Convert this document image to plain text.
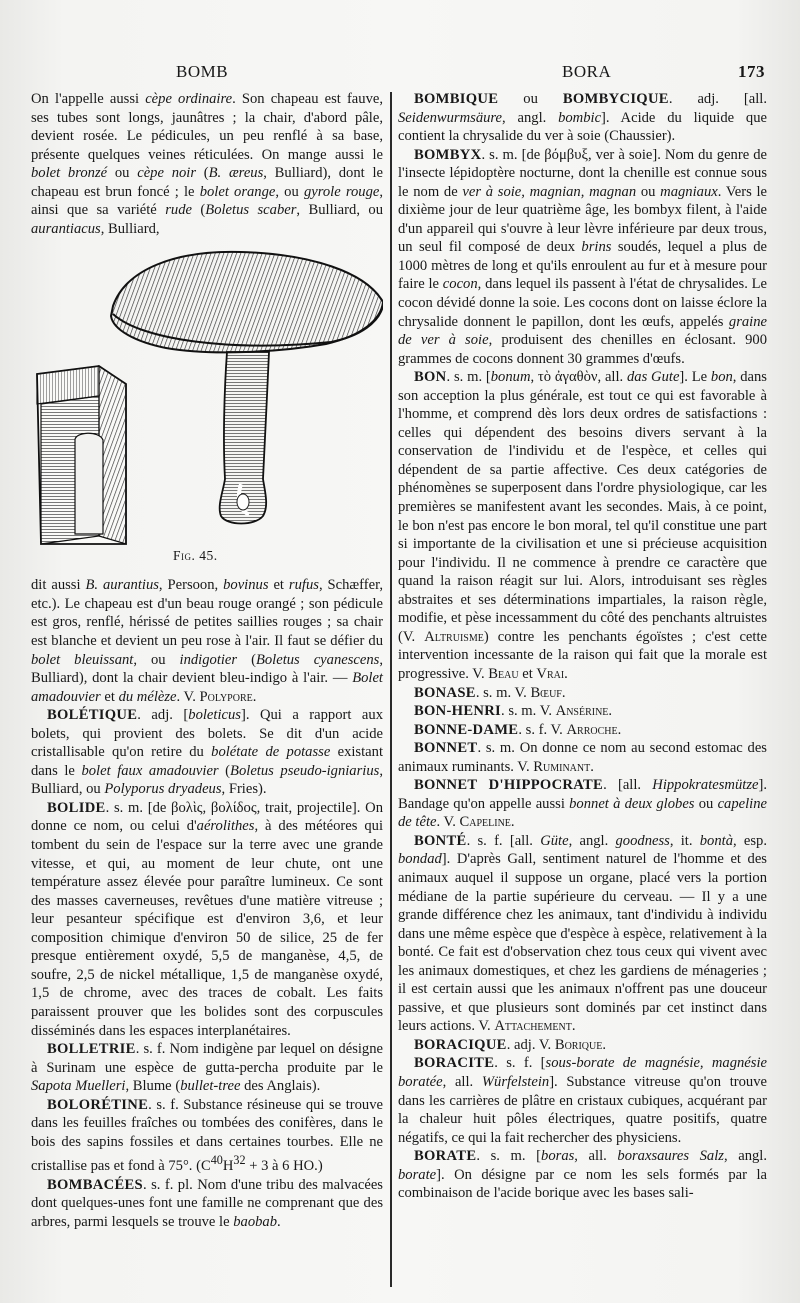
BOMB	BORA	173

On l'appelle aussi cèpe ordinaire. Son chapeau est fauve, ses tubes sont longs, jaunâtres ; la chair, d'abord pâle, devient rosée. Le pédicules, un peu renflé à sa base, présente quelques veines réticulées. On mange aussi le bolet bronzé ou cèpe noir (B. æreus, Bulliard), dont le chapeau est brun foncé ; le bolet orange, ou gyrole rouge, ainsi que sa variété rude (Boletus scaber, Bulliard, ou aurantiacus, Bulliard,

Fig. 45.

dit aussi B. aurantius, Persoon, bovinus et rufus, Schæffer, etc.). Le chapeau est d'un beau rouge orangé ; son pédicule est gros, renflé, hérissé de petites saillies rouges ; sa chair est blanche et devient un peu rose à l'air. Il faut se défier du bolet bleuissant, ou indigotier (Boletus cyanescens, Bulliard), dont la chair devient bleu-indigo à l'air. — Bolet amadouvier et du mélèze. V. Polypore.

BOLÉTIQUE. adj. [boleticus]. Qui a rapport aux bolets, qui provient des bolets. Se dit d'un acide cristallisable qu'on retire du bolétate de potasse existant dans le bolet faux amadouvier (Boletus pseudo-igniarius, Bulliard, ou Polyporus dryadeus, Fries).

BOLIDE. s. m. [de βολὶς, βολίδος, trait, projectile]. On donne ce nom, ou celui d'aérolithes, à des météores qui tombent du sein de l'espace sur la terre avec une grande vitesse, et qui, au moment de leur chute, ont une température assez élevée pour paraître lumineux. Ce sont des masses caverneuses, revêtues d'une matière vitreuse ; leur pesanteur spécifique est d'environ 3,6, et leur composition chimique d'environ 50 de silice, 25 de fer presque entièrement oxydé, 5,5 de manganèse, 4,5, de soufre, 2,5 de nickel métallique, 1,5 de manganèse oxydé, 1,5 de chrome, avec des traces de cobalt. Les faits paraissent prouver que les bolides sont des corpuscules disséminés dans les espaces interplanétaires.

BOLLETRIE. s. f. Nom indigène par lequel on désigne à Surinam une espèce de gutta-percha produite par le Sapota Muelleri, Blume (bullet-tree des Anglais).

BOLORÉTINE. s. f. Substance résineuse qui se trouve dans les feuilles fraîches ou tombées des conifères, dans le bois des sapins fossiles et dans certaines tourbes. Elle ne cristallise pas et fond à 75°. ($C^{40}H^{32} + 3$ à 6 HO.)

BOMBACÉES. s. f. pl. Nom d'une tribu des malvacées dont quelques-unes font une famille ne comprenant que des arbres, parmi lesquels se trouve le baobab.

BOMBIQUE ou BOMBYCIQUE. adj. [all. Seidenwurmsäure, angl. bombic]. Acide du liquide que contient la chrysalide du ver à soie (Chaussier).

BOMBYX. s. m. [de βόμβυξ, ver à soie]. Nom du genre de l'insecte lépidoptère nocturne, dont la chenille est connue sous le nom de ver à soie, magnian, magnan ou magniaux. Vers le dixième jour de leur quatrième âge, les bombyx filent, à l'aide d'un appareil qui s'ouvre à leur lèvre inférieure par deux trous, un seul fil composé de deux brins soudés, lequel a plus de 1000 mètres de long et qu'ils enroulent au fur et à mesure pour faire le cocon, dans lequel ils passent à l'état de chrysalides. Le cocon dévidé donne la soie. Les cocons dont on laisse éclore la chrysalide donnent le papillon, dont les œufs, appelés graine de ver à soie, produisent des chenilles en éclosant. 900 grammes de cocons donnent 30 grammes d'œufs.

BON. s. m. [bonum, τὸ ἀγαθὸν, all. das Gute]. Le bon, dans son acception la plus générale, est tout ce qui est favorable à l'homme, et comprend dès lors deux ordres de satisfactions : celles qui dépendent des besoins divers servant à la conservation de l'individu et de l'espèce, et celles qui dépendent de sa partie affective. Ces deux catégories de phénomènes se superposent dans l'ordre physiologique, car les premières se manifestent avant les secondes. Mais, à ce point, le bon n'est pas encore le bon moral, tel qu'il constitue une part si importante de la civilisation et une si précieuse acquisition pour l'individu. Il ne commence à prendre ce caractère que quand la raison réagit sur lui. Alors, introduisant ses règles abstraites et ses déterminations impartiales, la raison règle, modifie, et pèse incessamment du côté des penchants altruistes (V. Altruisme) contre les penchants égoïstes ; c'est cette intervention incessante de la raison qui fait que la morale est progressive. V. Beau et Vrai.

BONASE. s. m. V. Bœuf.

BON-HENRI. s. m. V. Ansérine.

BONNE-DAME. s. f. V. Arroche.

BONNET. s. m. On donne ce nom au second estomac des animaux ruminants. V. Ruminant.

BONNET D'HIPPOCRATE. [all. Hippokratesmütze]. Bandage qu'on appelle aussi bonnet à deux globes ou capeline de tête. V. Capeline.

BONTÉ. s. f. [all. Güte, angl. goodness, it. bontà, esp. bondad]. D'après Gall, sentiment naturel de l'homme et des animaux auquel il suppose un organe, placé vers la portion médiane de la partie supérieure du cerveau. — Il y a une grande différence chez les animaux, tant d'individu à individu dans une même espèce que d'espèce à espèce, relativement à la bonté. Ce fait est d'observation chez tous ceux qui vivent avec les animaux domestiques, et chez les gardiens de ménageries ; il est certain aussi que les animaux n'offrent pas une douceur passive, et que plusieurs sont dominés par cet instinct dans leurs actions. V. Attachement.

BORACIQUE. adj. V. Borique.

BORACITE. s. f. [sous-borate de magnésie, magnésie boratée, all. Würfelstein]. Substance vitreuse qu'on trouve dans les carrières de plâtre en cristaux cubiques, acquérant par la chaleur huit pôles électriques, quatre positifs, quatre négatifs, ce qui la fait rechercher des physiciens.

BORATE. s. m. [boras, all. boraxsaures Salz, angl. borate]. On désigne par ce nom les sels formés par la combinaison de l'acide borique avec les bases sali-
